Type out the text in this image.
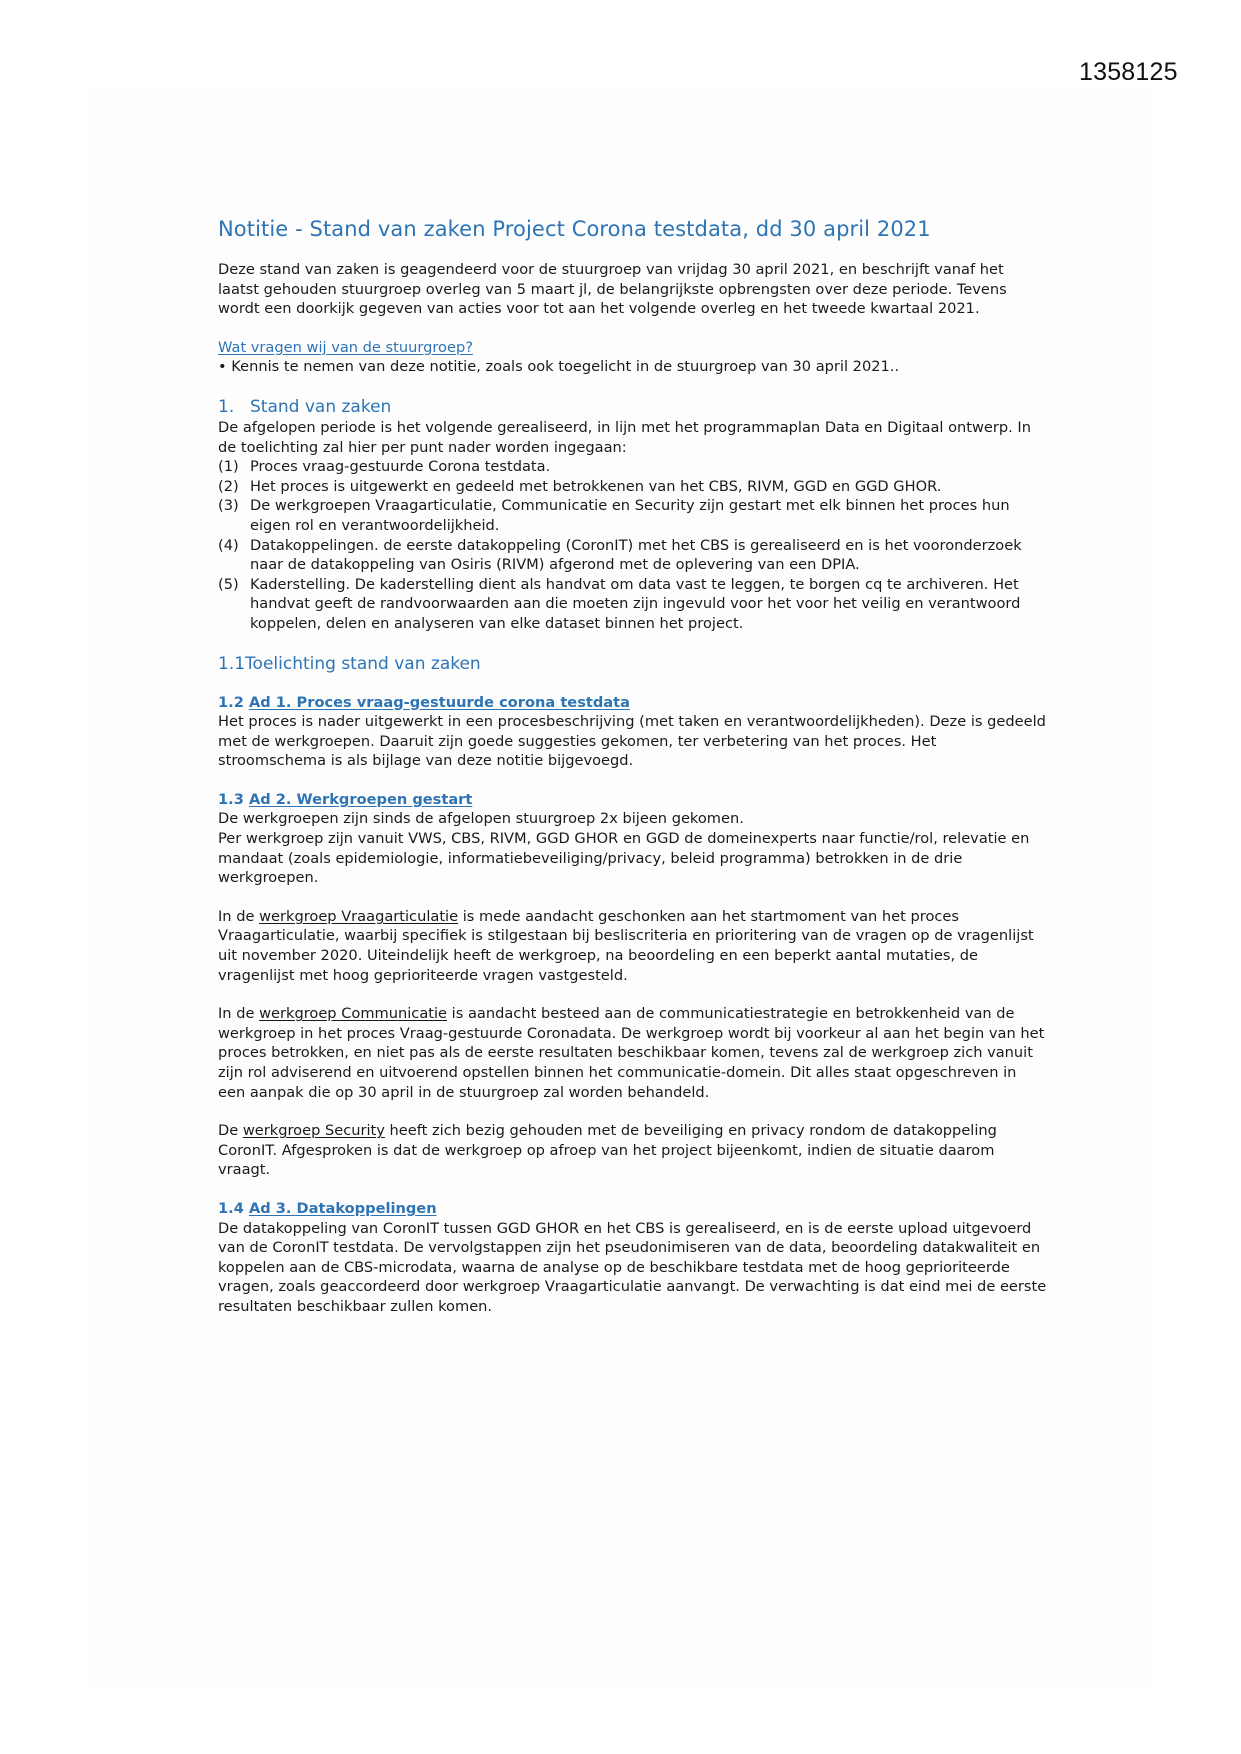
1358125
Notitie - Stand van zaken Project Corona testdata, dd 30 april 2021

Deze stand van zaken is geagendeerd voor de stuurgroep van vrijdag 30 april 2021, en beschrijft vanaf het laatst gehouden stuurgroep overleg van 5 maart jl, de belangrijkste opbrengsten over deze periode. Tevens wordt een doorkijk gegeven van acties voor tot aan het volgende overleg en het tweede kwartaal 2021.

Wat vragen wij van de stuurgroep?
• Kennis te nemen van deze notitie, zoals ook toegelicht in de stuurgroep van 30 april 2021..
1. Stand van zaken

De afgelopen periode is het volgende gerealiseerd, in lijn met het programmaplan Data en Digitaal ontwerp. In de toelichting zal hier per punt nader worden ingegaan:

(1) Proces vraag-gestuurde Corona testdata.
(2) Het proces is uitgewerkt en gedeeld met betrokkenen van het CBS, RIVM, GGD en GGD GHOR.
(3) De werkgroepen Vraagarticulatie, Communicatie en Security zijn gestart met elk binnen het proces hun eigen rol en verantwoordelijkheid.
(4) Datakoppelingen. de eerste datakoppeling (CoronIT) met het CBS is gerealiseerd en is het vooronderzoek naar de datakoppeling van Osiris (RIVM) afgerond met de oplevering van een DPIA.
(5) Kaderstelling. De kaderstelling dient als handvat om data vast te leggen, te borgen cq te archiveren. Het handvat geeft de randvoorwaarden aan die moeten zijn ingevuld voor het voor het veilig en verantwoord koppelen, delen en analyseren van elke dataset binnen het project.
1.1Toelichting stand van zaken
1.2 Ad 1. Proces vraag-gestuurde corona testdata

Het proces is nader uitgewerkt in een procesbeschrijving (met taken en verantwoordelijkheden). Deze is gedeeld met de werkgroepen. Daaruit zijn goede suggesties gekomen, ter verbetering van het proces. Het stroomschema is als bijlage van deze notitie bijgevoegd.

1.3 Ad 2. Werkgroepen gestart

De werkgroepen zijn sinds de afgelopen stuurgroep 2x bijeen gekomen.

Per werkgroep zijn vanuit VWS, CBS, RIVM, GGD GHOR en GGD de domeinexperts naar functie/rol, relevatie en mandaat (zoals epidemiologie, informatiebeveiliging/privacy, beleid programma) betrokken in de drie werkgroepen.

In de werkgroep Vraagarticulatie is mede aandacht geschonken aan het startmoment van het proces Vraagarticulatie, waarbij specifiek is stilgestaan bij besliscriteria en prioritering van de vragen op de vragenlijst uit november 2020. Uiteindelijk heeft de werkgroep, na beoordeling en een beperkt aantal mutaties, de vragenlijst met hoog geprioriteerde vragen vastgesteld.

In de werkgroep Communicatie is aandacht besteed aan de communicatiestrategie en betrokkenheid van de werkgroep in het proces Vraag-gestuurde Coronadata. De werkgroep wordt bij voorkeur al aan het begin van het proces betrokken, en niet pas als de eerste resultaten beschikbaar komen, tevens zal de werkgroep zich vanuit zijn rol adviserend en uitvoerend opstellen binnen het communicatie-domein. Dit alles staat opgeschreven in een aanpak die op 30 april in de stuurgroep zal worden behandeld.

De werkgroep Security heeft zich bezig gehouden met de beveiliging en privacy rondom de datakoppeling CoronIT. Afgesproken is dat de werkgroep op afroep van het project bijeenkomt, indien de situatie daarom vraagt.

1.4 Ad 3. Datakoppelingen

De datakoppeling van CoronIT tussen GGD GHOR en het CBS is gerealiseerd, en is de eerste upload uitgevoerd van de CoronIT testdata. De vervolgstappen zijn het pseudonimiseren van de data, beoordeling datakwaliteit en koppelen aan de CBS-microdata, waarna de analyse op de beschikbare testdata met de hoog geprioriteerde vragen, zoals geaccordeerd door werkgroep Vraagarticulatie aanvangt. De verwachting is dat eind mei de eerste resultaten beschikbaar zullen komen.
